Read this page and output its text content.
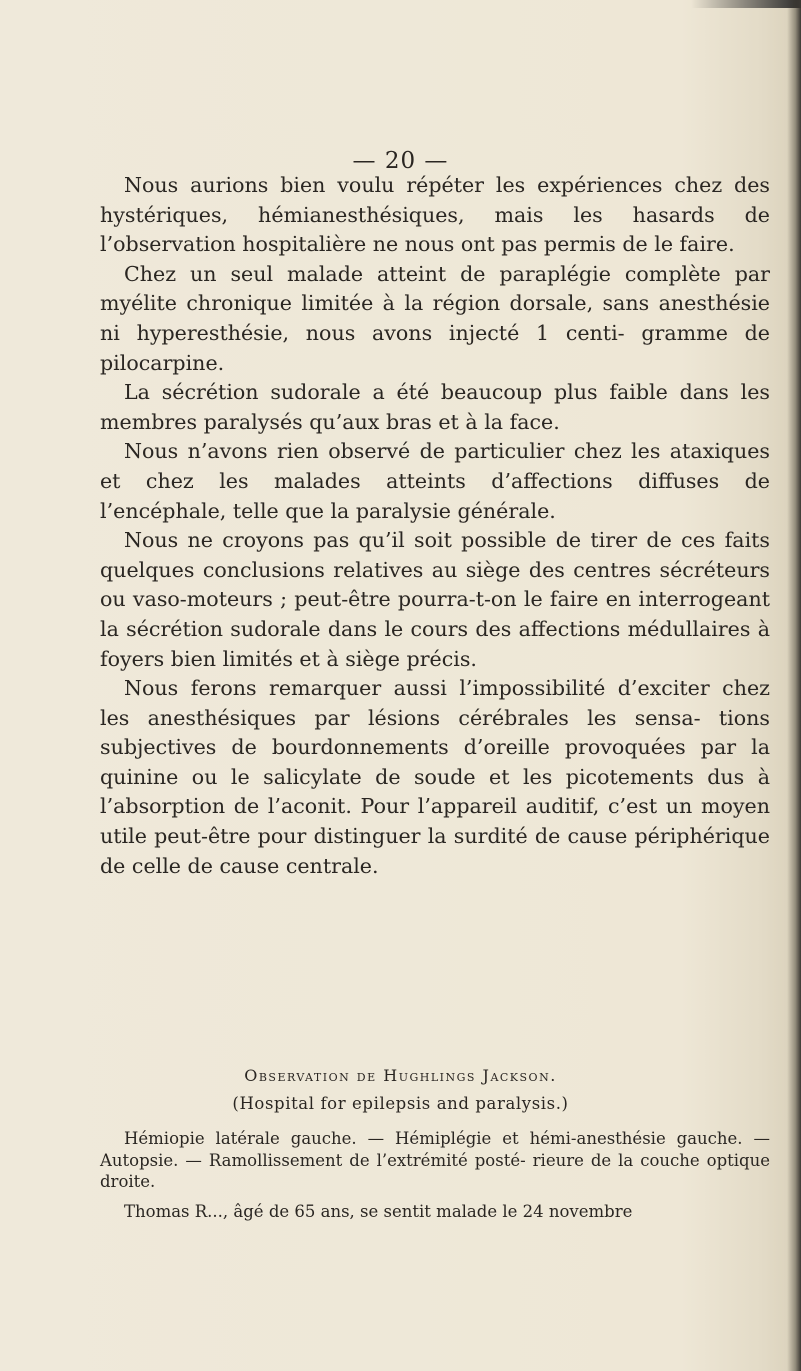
— 20 —

Nous aurions bien voulu répéter les expériences chez des hystériques, hémianesthésiques, mais les hasards de l’observation hospitalière ne nous ont pas permis de le faire.

Chez un seul malade atteint de paraplégie complète par myélite chronique limitée à la région dorsale, sans anesthésie ni hyperesthésie, nous avons injecté 1 centi- gramme de pilocarpine.

La sécrétion sudorale a été beaucoup plus faible dans les membres paralysés qu’aux bras et à la face.

Nous n’avons rien observé de particulier chez les ataxiques et chez les malades atteints d’affections diffuses de l’encéphale, telle que la paralysie générale.

Nous ne croyons pas qu’il soit possible de tirer de ces faits quelques conclusions relatives au siège des centres sécréteurs ou vaso-moteurs ; peut-être pourra-t-on le faire en interrogeant la sécrétion sudorale dans le cours des affections médullaires à foyers bien limités et à siège précis.

Nous ferons remarquer aussi l’impossibilité d’exciter chez les anesthésiques par lésions cérébrales les sensa- tions subjectives de bourdonnements d’oreille provoquées par la quinine ou le salicylate de soude et les picotements dus à l’absorption de l’aconit. Pour l’appareil auditif, c’est un moyen utile peut-être pour distinguer la surdité de cause périphérique de celle de cause centrale.

Observation de Hughlings Jackson.
(Hospital for epilepsis and paralysis.)

Hémiopie latérale gauche. — Hémiplégie et hémi-anesthésie gauche. — Autopsie. — Ramollissement de l’extrémité posté- rieure de la couche optique droite.

Thomas R..., âgé de 65 ans, se sentit malade le 24 novembre
